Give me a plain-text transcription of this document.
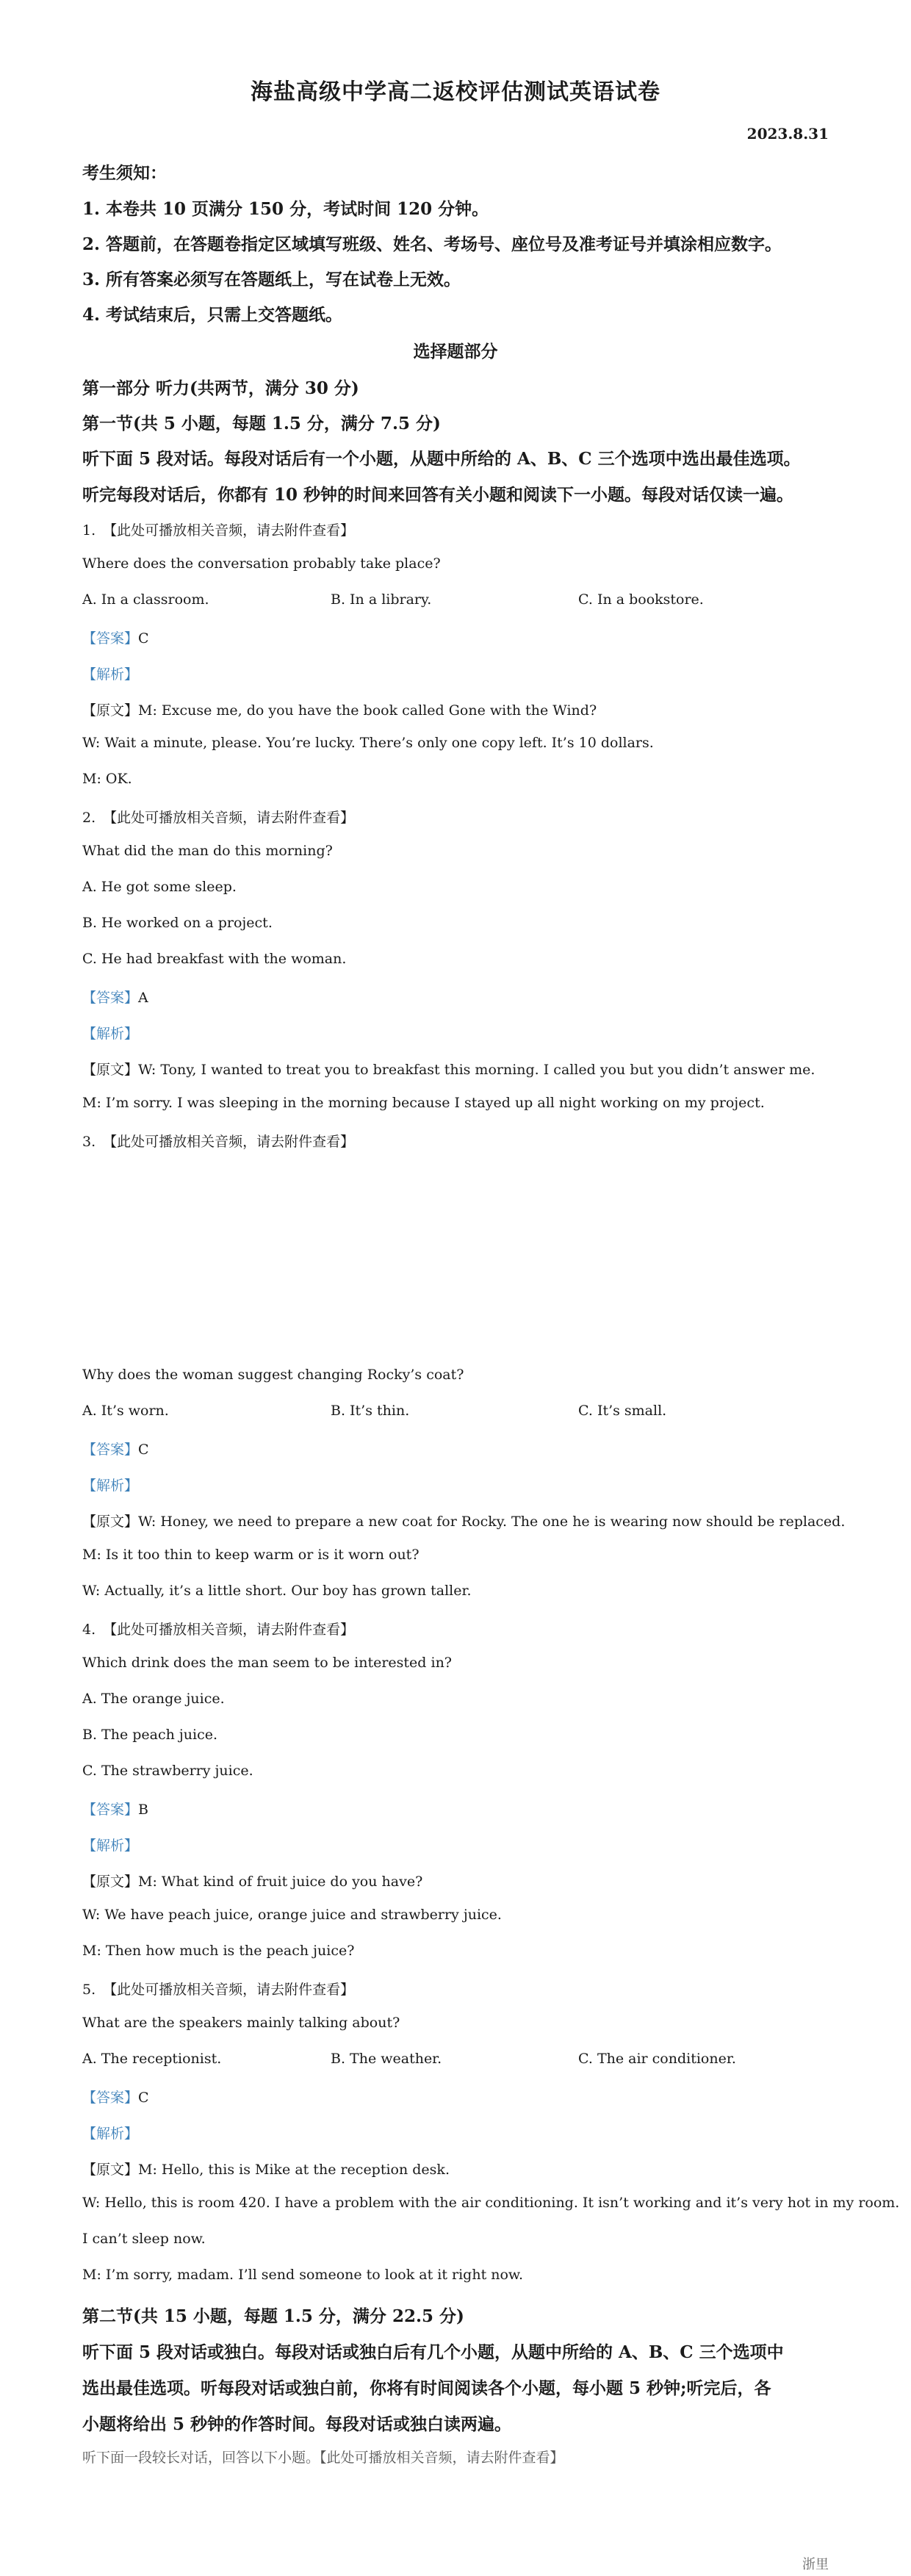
海盐高级中学高二返校评估测试英语试卷
2023.8.31
考生须知：
1. 本卷共 10 页满分 150 分，考试时间 120 分钟。
2. 答题前，在答题卷指定区域填写班级、姓名、考场号、座位号及准考证号并填涂相应数字。
3. 所有答案必须写在答题纸上，写在试卷上无效。
4. 考试结束后，只需上交答题纸。
选择题部分
第一部分 听力(共两节，满分 30 分)
第一节(共 5 小题，每题 1.5 分，满分 7.5 分)
听下面 5 段对话。每段对话后有一个小题，从题中所给的 A、B、C 三个选项中选出最佳选项。
听完每段对话后，你都有 10 秒钟的时间来回答有关小题和阅读下一小题。每段对话仅读一遍。
1. 【此处可播放相关音频，请去附件查看】
Where does the conversation probably take place?
A. In a classroom.	B. In a library.	C. In a bookstore.
【答案】C
【解析】
【原文】M: Excuse me, do you have the book called Gone with the Wind?
W: Wait a minute, please. You’re lucky. There’s only one copy left. It’s 10 dollars.
M: OK.
2. 【此处可播放相关音频，请去附件查看】
What did the man do this morning?
A. He got some sleep.
B. He worked on a project.
C. He had breakfast with the woman.
【答案】A
【解析】
【原文】W: Tony, I wanted to treat you to breakfast this morning. I called you but you didn’t answer me.
M: I’m sorry. I was sleeping in the morning because I stayed up all night working on my project.
3. 【此处可播放相关音频，请去附件查看】
Why does the woman suggest changing Rocky’s coat?
A. It’s worn.	B. It’s thin.	C. It’s small.
【答案】C
【解析】
【原文】W: Honey, we need to prepare a new coat for Rocky. The one he is wearing now should be replaced.
M: Is it too thin to keep warm or is it worn out?
W: Actually, it’s a little short. Our boy has grown taller.
4. 【此处可播放相关音频，请去附件查看】
Which drink does the man seem to be interested in?
A. The orange juice.
B. The peach juice.
C. The strawberry juice.
【答案】B
【解析】
【原文】M: What kind of fruit juice do you have?
W: We have peach juice, orange juice and strawberry juice.
M: Then how much is the peach juice?
5. 【此处可播放相关音频，请去附件查看】
What are the speakers mainly talking about?
A. The receptionist.	B. The weather.	C. The air conditioner.
【答案】C
【解析】
【原文】M: Hello, this is Mike at the reception desk.
W: Hello, this is room 420. I have a problem with the air conditioning. It isn’t working and it’s very hot in my room.
I can’t sleep now.
M: I’m sorry, madam. I’ll send someone to look at it right now.
第二节(共 15 小题，每题 1.5 分，满分 22.5 分)
听下面 5 段对话或独白。每段对话或独白后有几个小题，从题中所给的 A、B、C 三个选项中
选出最佳选项。听每段对话或独白前，你将有时间阅读各个小题，每小题 5 秒钟;听完后，各
小题将给出 5 秒钟的作答时间。每段对话或独白读两遍。
听下面一段较长对话，回答以下小题。【此处可播放相关音频，请去附件查看】
浙里
